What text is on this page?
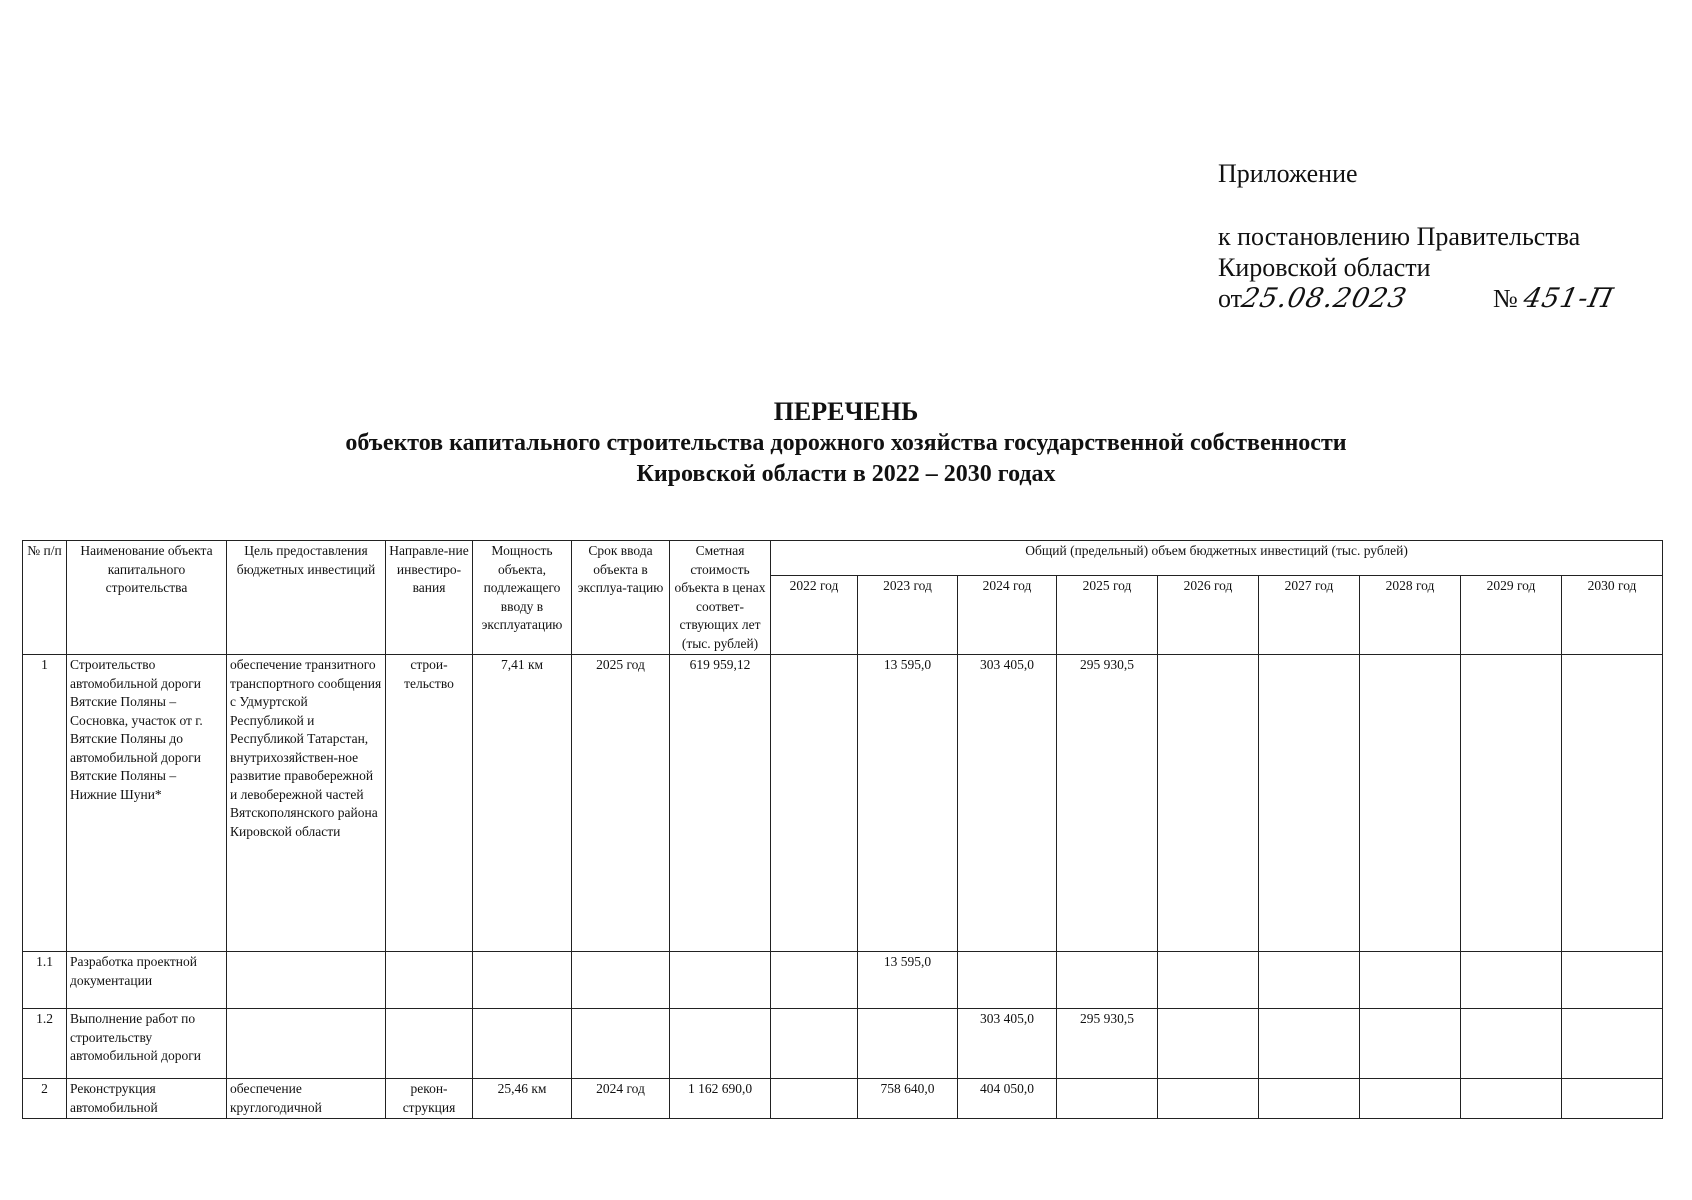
Приложение
к постановлению Правительства
Кировской области
от25.08.2023	№ 451-П
ПЕРЕЧЕНЬ
объектов капитального строительства дорожного хозяйства государственной собственности
Кировской области в 2022 – 2030 годах
№ п/п	Наименование объекта капитального строительства	Цель предоставления бюджетных инвестиций	Направле-ние инвестиро-вания	Мощность объекта, подлежащего вводу в эксплуатацию	Срок ввода объекта в эксплуа-тацию	Сметная стоимость объекта в ценах соответ-ствующих лет (тыс. рублей)	Общий (предельный) объем бюджетных инвестиций (тыс. рублей)								
							2022 год	2023 год	2024 год	2025 год	2026 год	2027 год	2028 год	2029 год	2030 год
1	Строительство автомобильной дороги Вятские Поляны – Сосновка, участок от г. Вятские Поляны до автомобильной дороги Вятские Поляны – Нижние Шуни*	обеспечение транзитного транспортного сообщения с Удмуртской Республикой и Республикой Татарстан, внутрихозяйствен-ное развитие правобережной и левобережной частей Вятскополянского района Кировской области	строи-тельство	7,41 км	2025 год	619 959,12		13 595,0	303 405,0	295 930,5					
1.1	Разработка проектной документации							13 595,0							
1.2	Выполнение работ по строительству автомобильной дороги								303 405,0	295 930,5					
2	Реконструкция автомобильной	обеспечение круглогодичной	рекон-струкция	25,46 км	2024 год	1 162 690,0		758 640,0	404 050,0						
